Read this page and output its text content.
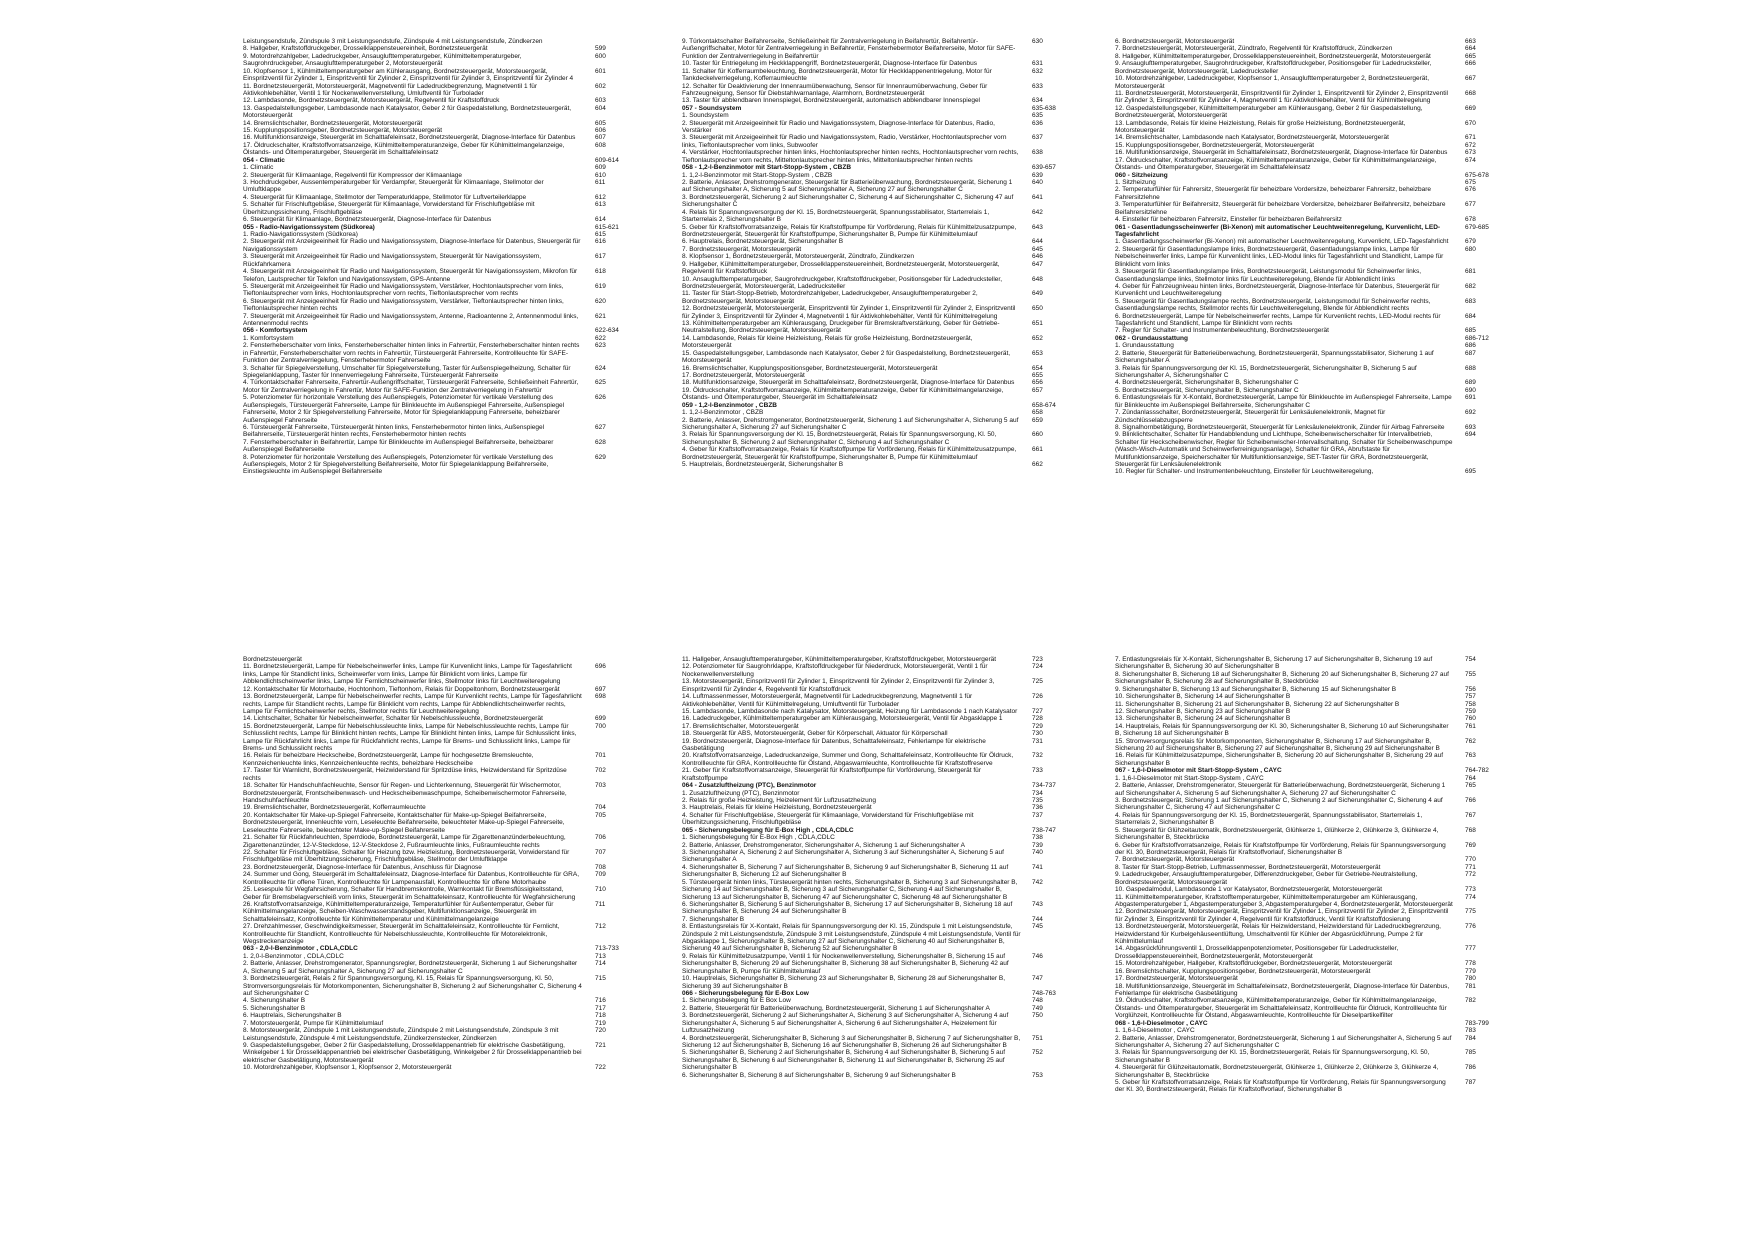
Leistungsendstufe, Zündspule 3 mit Leistungsendstufe, Zündspule 4 mit Leistungsendstufe, Zündkerzen
8. Hallgeber, Kraftstoffdruckgeber, Drosselklappensteuereinheit, Bordnetzsteuergerät	599
9. Motordrehzahlgeber, Ladedruckgeber, Ansauglufttemperaturgeber, Kühlmitteltemperaturgeber, Saugrohrdruckgeber, Ansauglufttemperaturgeber 2, Motorsteuergerät
600
10. Klopfsensor 1, Kühlmitteltemperaturgeber am Kühlerausgang, Bordnetzsteuergerät, Motorsteuergerät, Einspritzventil für Zylinder 1, Einspritzventil für Zylinder 2, Einspritzventil für Zylinder 3, Einspritzventil für Zylinder 4
601
11. Bordnetzsteuergerät, Motorsteuergerät, Magnetventil für Ladedruckbegrenzung, Magnetventil 1 für Aktivkohlebehälter, Ventil 1 für Nockenwellenverstellung, Umluftventil für Turbolader
602
12. Lambdasonde, Bordnetzsteuergerät, Motorsteuergerät, Regelventil für Kraftstoffdruck	603
13. Gaspedalstellungsgeber, Lambdasonde nach Katalysator, Geber 2 für Gaspedalstellung, Bordnetzsteuergerät, Motorsteuergerät
604
14. Bremslichtschalter, Bordnetzsteuergerät, Motorsteuergerät	605
15. Kupplungspositionsgeber, Bordnetzsteuergerät, Motorsteuergerät	606
16. Multifunktionsanzeige, Steuergerät im Schalttafeleinsatz, Bordnetzsteuergerät, Diagnose-Interface für Datenbus	607
17. Öldruckschalter, Kraftstoffvorratsanzeige, Kühlmitteltemperaturanzeige, Geber für Kühlmittelmangelanzeige, Ölstands- und Öltemperaturgeber, Steuergerät im Schalttafeleinsatz
608
054 - Climatic	609-614
1. Climatic	609
2. Steuergerät für Klimaanlage, Regelventil für Kompressor der Klimaanlage	610
3. Hochdruckgeber, Aussentemperaturgeber für Verdampfer, Steuergerät für Klimaanlage, Stellmotor der Umluftklappe
611
4. Steuergerät für Klimaanlage, Stellmotor der Temperaturklappe, Stellmotor für Luftverteilerklappe	612
5. Schalter für Frischluftgebläse, Steuergerät für Klimaanlage, Vorwiderstand für Frischluftgebläse mit Überhitzungssicherung, Frischluftgebläse
613
6. Steuergerät für Klimaanlage, Bordnetzsteuergerät, Diagnose-Interface für Datenbus	614
055 - Radio-Navigationssystem (Südkorea)	615-621
1. Radio-Navigationssystem (Südkorea)	615
2. Steuergerät mit Anzeigeeinheit für Radio und Navigationssystem, Diagnose-Interface für Datenbus, Steuergerät für Navigationssystem
616
3. Steuergerät mit Anzeigeeinheit für Radio und Navigationssystem, Steuergerät für Navigationssystem, Rückfahrkamera
617
4. Steuergerät mit Anzeigeeinheit für Radio und Navigationssystem, Steuergerät für Navigationssystem, Mikrofon für Telefon, Lautsprecher für Telefon und Navigationssystem, GPS-Antenne
618
5. Steuergerät mit Anzeigeeinheit für Radio und Navigationssystem, Verstärker, Hochtonlautsprecher vorn links, Tieftonlautsprecher vorn links, Hochtonlautsprecher vorn rechts, Tieftonlautsprecher vorn rechts
619
6. Steuergerät mit Anzeigeeinheit für Radio und Navigationssystem, Verstärker, Tieftonlautsprecher hinten links, Tieftonlautsprecher hinten rechts
620
7. Steuergerät mit Anzeigeeinheit für Radio und Navigationssystem, Antenne, Radioantenne 2, Antennenmodul links, Antennenmodul rechts
621
056 - Komfortsystem	622-634
1. Komfortsystem	622
2. Fensterheberschalter vorn links, Fensterheberschalter hinten links in Fahrertür, Fensterheberschalter hinten rechts in Fahrertür, Fensterheberschalter vorn rechts in Fahrertür, Türsteuergerät Fahrerseite, Kontrollleuchte für SAFE-Funktion der Zentralverriegelung, Fensterhebermotor Fahrerseite
623
3. Schalter für Spiegelverstellung, Umschalter für Spiegelverstellung, Taster für Außenspiegelheizung, Schalter für Spiegelanklappung, Taster für Innenverriegelung Fahrerseite, Türsteuergerät Fahrerseite
624
4. Türkontaktschalter Fahrerseite, Fahrertür-Außengriffschalter, Türsteuergerät Fahrerseite, Schließeinheit Fahrertür, Motor für Zentralverriegelung in Fahrertür, Motor für SAFE-Funktion der Zentralverriegelung in Fahrertür
625
5. Potenziometer für horizontale Verstellung des Außenspiegels, Potenziometer für vertikale Verstellung des Außenspiegels, Türsteuergerät Fahrerseite, Lampe für Blinkleuchte im Außenspiegel Fahrerseite, Außenspiegel Fahrerseite, Motor 2 für Spiegelverstellung Fahrerseite, Motor für Spiegelanklappung Fahrerseite, beheizbarer Außenspiegel Fahrerseite
626
6. Türsteuergerät Fahrerseite, Türsteuergerät hinten links, Fensterhebermotor hinten links, Außenspiegel Beifahrerseite, Türsteuergerät hinten rechts, Fensterhebermotor hinten rechts
627
7. Fensterheberschalter in Beifahrertür, Lampe für Blinkleuchte im Außenspiegel Beifahrerseite, beheizbarer Außenspiegel Beifahrerseite
628
8. Potenziometer für horizontale Verstellung des Außenspiegels, Potenziometer für vertikale Verstellung des Außenspiegels, Motor 2 für Spiegelverstellung Beifahrerseite, Motor für Spiegelanklappung Beifahrerseite, Einstiegsleuchte im Außenspiegel Beifahrerseite
629
9. Türkontaktschalter Beifahrerseite, Schließeinheit für Zentralverriegelung in Beifahrertür, Beifahrertür-Außengriffschalter, Motor für Zentralverriegelung in Beifahrertür, Fensterhebermotor Beifahrerseite, Motor für SAFE-Funktion der Zentralverriegelung in Beifahrertür
630
10. Taster für Entriegelung im Heckklappengriff, Bordnetzsteuergerät, Diagnose-Interface für Datenbus	631
11. Schalter für Kofferraumbeleuchtung, Bordnetzsteuergerät, Motor für Heckklappenentriegelung, Motor für Tankdeckelverriegelung, Kofferraumleuchte
632
12. Schalter für Deaktivierung der Innenraumüberwachung, Sensor für Innenraumüberwachung, Geber für Fahrzeugneigung, Sensor für Diebstahlwarnanlage, Alarmhorn, Bordnetzsteuergerät
633
13. Taster für abblendbaren Innenspiegel, Bordnetzsteuergerät, automatisch abblendbarer Innenspiegel	634
057 - Soundsystem	635-638
1. Soundsystem	635
2. Steuergerät mit Anzeigeeinheit für Radio und Navigationssystem, Diagnose-Interface für Datenbus, Radio, Verstärker
636
3. Steuergerät mit Anzeigeeinheit für Radio und Navigationssystem, Radio, Verstärker, Hochtonlautsprecher vorn links, Tieftonlautsprecher vorn links, Subwoofer
637
4. Verstärker, Hochtonlautsprecher hinten links, Hochtonlautsprecher hinten rechts, Hochtonlautsprecher vorn rechts, Tieftonlautsprecher vorn rechts, Mitteltonlautsprecher hinten links, Mitteltonlautsprecher hinten rechts
638
058 - 1,2-l-Benzinmotor mit Start-Stopp-System , CBZB	639-657
1. 1,2-l-Benzinmotor mit Start-Stopp-System , CBZB	639
2. Batterie, Anlasser, Drehstromgenerator, Steuergerät für Batterieüberwachung, Bordnetzsteuergerät, Sicherung 1 auf Sicherungshalter A, Sicherung 5 auf Sicherungshalter A, Sicherung 27 auf Sicherungshalter C
640
3. Bordnetzsteuergerät, Sicherung 2 auf Sicherungshalter C, Sicherung 4 auf Sicherungshalter C, Sicherung 47 auf Sicherungshalter C
641
4. Relais für Spannungsversorgung der Kl. 15, Bordnetzsteuergerät, Spannungsstabilisator, Starterrelais 1, Starterrelais 2, Sicherungshalter B
642
5. Geber für Kraftstoffvorratsanzeige, Relais für Kraftstoffpumpe für Vorförderung, Relais für Kühlmittelzusatzpumpe, Bordnetzsteuergerät, Steuergerät für Kraftstoffpumpe, Sicherungshalter B, Pumpe für Kühlmittelumlauf
643
6. Hauptrelais, Bordnetzsteuergerät, Sicherungshalter B	644
7. Bordnetzsteuergerät, Motorsteuergerät	645
8. Klopfsensor 1, Bordnetzsteuergerät, Motorsteuergerät, Zündtrafo, Zündkerzen	646
9. Hallgeber, Kühlmitteltemperaturgeber, Drosselklappensteuereinheit, Bordnetzsteuergerät, Motorsteuergerät, Regelventil für Kraftstoffdruck
647
10. Ansauglufttemperaturgeber, Saugrohrdruckgeber, Kraftstoffdruckgeber, Positionsgeber für Ladedrucksteller, Bordnetzsteuergerät, Motorsteuergerät, Ladedrucksteller
648
11. Taster für Start-Stopp-Betrieb, Motordrehzahlgeber, Ladedruckgeber, Ansauglufttemperaturgeber 2, Bordnetzsteuergerät, Motorsteuergerät
649
12. Bordnetzsteuergerät, Motorsteuergerät, Einspritzventil für Zylinder 1, Einspritzventil für Zylinder 2, Einspritzventil für Zylinder 3, Einspritzventil für Zylinder 4, Magnetventil 1 für Aktivkohlebehälter, Ventil für Kühlmittelregelung
650
13. Kühlmitteltemperaturgeber am Kühlerausgang, Druckgeber für Bremskraftverstärkung, Geber für Getriebe-Neutralstellung, Bordnetzsteuergerät, Motorsteuergerät
651
14. Lambdasonde, Relais für kleine Heizleistung, Relais für große Heizleistung, Bordnetzsteuergerät, Motorsteuergerät
652
15. Gaspedalstellungsgeber, Lambdasonde nach Katalysator, Geber 2 für Gaspedalstellung, Bordnetzsteuergerät, Motorsteuergerät
653
16. Bremslichtschalter, Kupplungspositionsgeber, Bordnetzsteuergerät, Motorsteuergerät	654
17. Bordnetzsteuergerät, Motorsteuergerät	655
18. Multifunktionsanzeige, Steuergerät im Schalttafeleinsatz, Bordnetzsteuergerät, Diagnose-Interface für Datenbus	656
19. Öldruckschalter, Kraftstoffvorratsanzeige, Kühlmitteltemperaturanzeige, Geber für Kühlmittelmangelanzeige, Ölstands- und Öltemperaturgeber, Steuergerät im Schalttafeleinsatz
657
059 - 1,2-l-Benzinmotor , CBZB	658-674
1. 1,2-l-Benzinmotor , CBZB	658
2. Batterie, Anlasser, Drehstromgenerator, Bordnetzsteuergerät, Sicherung 1 auf Sicherungshalter A, Sicherung 5 auf Sicherungshalter A, Sicherung 27 auf Sicherungshalter C
659
3. Relais für Spannungsversorgung der Kl. 15, Bordnetzsteuergerät, Relais für Spannungsversorgung, Kl. 50, Sicherungshalter B, Sicherung 2 auf Sicherungshalter C, Sicherung 4 auf Sicherungshalter C
660
4. Geber für Kraftstoffvorratsanzeige, Relais für Kraftstoffpumpe für Vorförderung, Relais für Kühlmittelzusatzpumpe, Bordnetzsteuergerät, Steuergerät für Kraftstoffpumpe, Sicherungshalter B, Pumpe für Kühlmittelumlauf
661
5. Hauptrelais, Bordnetzsteuergerät, Sicherungshalter B	662
6. Bordnetzsteuergerät, Motorsteuergerät	663
7. Bordnetzsteuergerät, Motorsteuergerät, Zündtrafo, Regelventil für Kraftstoffdruck, Zündkerzen	664
8. Hallgeber, Kühlmitteltemperaturgeber, Drosselklappensteuereinheit, Bordnetzsteuergerät, Motorsteuergerät	665
9. Ansauglufttemperaturgeber, Saugrohrdruckgeber, Kraftstoffdruckgeber, Positionsgeber für Ladedrucksteller, Bordnetzsteuergerät, Motorsteuergerät, Ladedrucksteller
666
10. Motordrehzahlgeber, Ladedruckgeber, Klopfsensor 1, Ansauglufttemperaturgeber 2, Bordnetzsteuergerät, Motorsteuergerät
667
11. Bordnetzsteuergerät, Motorsteuergerät, Einspritzventil für Zylinder 1, Einspritzventil für Zylinder 2, Einspritzventil für Zylinder 3, Einspritzventil für Zylinder 4, Magnetventil 1 für Aktivkohlebehälter, Ventil für Kühlmittelregelung
668
12. Gaspedalstellungsgeber, Kühlmitteltemperaturgeber am Kühlerausgang, Geber 2 für Gaspedalstellung, Bordnetzsteuergerät, Motorsteuergerät
669
13. Lambdasonde, Relais für kleine Heizleistung, Relais für große Heizleistung, Bordnetzsteuergerät, Motorsteuergerät
670
14. Bremslichtschalter, Lambdasonde nach Katalysator, Bordnetzsteuergerät, Motorsteuergerät	671
15. Kupplungspositionsgeber, Bordnetzsteuergerät, Motorsteuergerät	672
16. Multifunktionsanzeige, Steuergerät im Schalttafeleinsatz, Bordnetzsteuergerät, Diagnose-Interface für Datenbus	673
17. Öldruckschalter, Kraftstoffvorratsanzeige, Kühlmitteltemperaturanzeige, Geber für Kühlmittelmangelanzeige, Ölstands- und Öltemperaturgeber, Steuergerät im Schalttafeleinsatz
674
060 - Sitzheizung	675-678
1. Sitzheizung	675
2. Temperaturfühler für Fahrersitz, Steuergerät für beheizbare Vordersitze, beheizbarer Fahrersitz, beheizbare Fahrersitzlehne
676
3. Temperaturfühler für Beifahrersitz, Steuergerät für beheizbare Vordersitze, beheizbarer Beifahrersitz, beheizbare Beifahrersitzlehne
677
4. Einsteller für beheizbaren Fahrersitz, Einsteller für beheizbaren Beifahrersitz	678
061 - Gasentladungsscheinwerfer (Bi-Xenon) mit automatischer Leuchtweitenregelung, Kurvenlicht, LED-Tagesfahrlicht
679-685
1. Gasentladungsscheinwerfer (Bi-Xenon) mit automatischer Leuchtweitenregelung, Kurvenlicht, LED-Tagesfahrlicht	679
2. Steuergerät für Gasentladungslampe links, Bordnetzsteuergerät, Gasentladungslampe links, Lampe für Nebelscheinwerfer links, Lampe für Kurvenlicht links, LED-Modul links für Tagesfahrlicht und Standlicht, Lampe für Blinklicht vorn links
680
3. Steuergerät für Gasentladungslampe links, Bordnetzsteuergerät, Leistungsmodul für Scheinwerfer links, Gasentladungslampe links, Stellmotor links für Leuchtweiteregelung, Blende für Abblendlicht links
681
4. Geber für Fahrzeugniveau hinten links, Bordnetzsteuergerät, Diagnose-Interface für Datenbus, Steuergerät für Kurvenlicht und Leuchtweiteregelung
682
5. Steuergerät für Gasentladungslampe rechts, Bordnetzsteuergerät, Leistungsmodul für Scheinwerfer rechts, Gasentladungslampe rechts, Stellmotor rechts für Leuchtweiteregelung, Blende für Abblendlicht rechts
683
6. Bordnetzsteuergerät, Lampe für Nebelscheinwerfer rechts, Lampe für Kurvenlicht rechts, LED-Modul rechts für Tagesfahrlicht und Standlicht, Lampe für Blinklicht vorn rechts
684
7. Regler für Schalter- und Instrumentenbeleuchtung, Bordnetzsteuergerät	685
062 - Grundausstattung	686-712
1. Grundausstattung	686
2. Batterie, Steuergerät für Batterieüberwachung, Bordnetzsteuergerät, Spannungsstabilisator, Sicherung 1 auf Sicherungshalter A
687
3. Relais für Spannungsversorgung der Kl. 15, Bordnetzsteuergerät, Sicherungshalter B, Sicherung 5 auf Sicherungshalter A, Sicherungshalter C
688
4. Bordnetzsteuergerät, Sicherungshalter B, Sicherungshalter C	689
5. Bordnetzsteuergerät, Sicherungshalter B, Sicherungshalter C	690
6. Entlastungsrelais für X-Kontakt, Bordnetzsteuergerät, Lampe für Blinkleuchte im Außenspiegel Fahrerseite, Lampe für Blinkleuchte im Außenspiegel Beifahrerseite, Sicherungshalter C
691
7. Zündanlassschalter, Bordnetzsteuergerät, Steuergerät für Lenksäulenelektronik, Magnet für Zündschlüsselabzugsperre
692
8. Signalhornbetätigung, Bordnetzsteuergerät, Steuergerät für Lenksäulenelektronik, Zünder für Airbag Fahrerseite	693
9. Blinklichtschalter, Schalter für Handabblendung und Lichthupe, Scheibenwischerschalter für Intervallbetrieb, Schalter für Heckscheibenwischer, Regler für Scheibenwischer-Intervallschaltung, Schalter für Scheibenwaschpumpe (Wasch-Wisch-Automatik und Scheinwerferreinigungsanlage), Schalter für GRA, Abrufstaste für Multifunktionsanzeige, Speicherschalter für Multifunktionsanzeige, SET-Taster für GRA, Bordnetzsteuergerät, Steuergerät für Lenksäulenelektronik
694
10. Regler für Schalter- und Instrumentenbeleuchtung, Einsteller für Leuchtweiteregelung,	695
Bordnetzsteuergerät
11. Bordnetzsteuergerät, Lampe für Nebelscheinwerfer links, Lampe für Kurvenlicht links, Lampe für Tagesfahrlicht links, Lampe für Standlicht links, Scheinwerfer vorn links, Lampe für Blinklicht vorn links, Lampe für Abblendlichtscheinwerfer links, Lampe für Fernlichtscheinwerfer links, Stellmotor links für Leuchtweiteregelung
696
12. Kontaktschalter für Motorhaube, Hochtonhorn, Tieftonhorn, Relais für Doppeltonhorn, Bordnetzsteuergerät	697
13. Bordnetzsteuergerät, Lampe für Nebelscheinwerfer rechts, Lampe für Kurvenlicht rechts, Lampe für Tagesfahrlicht rechts, Lampe für Standlicht rechts, Lampe für Blinklicht vorn rechts, Lampe für Abblendlichtscheinwerfer rechts, Lampe für Fernlichtscheinwerfer rechts, Stellmotor rechts für Leuchtweiteregelung
698
14. Lichtschalter, Schalter für Nebelscheinwerfer, Schalter für Nebelschlussleuchte, Bordnetzsteuergerät	699
15. Bordnetzsteuergerät, Lampe für Nebelschlussleuchte links, Lampe für Nebelschlussleuchte rechts, Lampe für Schlusslicht rechts, Lampe für Blinklicht hinten rechts, Lampe für Blinklicht hinten links, Lampe für Schlusslicht links, Lampe für Rückfahrlicht links, Lampe für Rückfahrlicht rechts, Lampe für Brems- und Schlusslicht links, Lampe für Brems- und Schlusslicht rechts
700
16. Relais für beheizbare Heckscheibe, Bordnetzsteuergerät, Lampe für hochgesetzte Bremsleuchte, Kennzeichenleuchte links, Kennzeichenleuchte rechts, beheizbare Heckscheibe
701
17. Taster für Warnlicht, Bordnetzsteuergerät, Heizwiderstand für Spritzdüse links, Heizwiderstand für Spritzdüse rechts
702
18. Schalter für Handschuhfachleuchte, Sensor für Regen- und Lichterkennung, Steuergerät für Wischermotor, Bordnetzsteuergerät, Frontscheibenwasch- und Heckscheibenwaschpumpe, Scheibenwischermotor Fahrerseite, Handschuhfachleuchte
703
19. Bremslichtschalter, Bordnetzsteuergerät, Kofferraumleuchte	704
20. Kontaktschalter für Make-up-Spiegel Fahrerseite, Kontaktschalter für Make-up-Spiegel Beifahrerseite, Bordnetzsteuergerät, Innenleuchte vorn, Leseleuchte Beifahrerseite, beleuchteter Make-up-Spiegel Fahrerseite, Leseleuchte Fahrerseite, beleuchteter Make-up-Spiegel Beifahrerseite
705
21. Schalter für Rückfahrleuchten, Sperrdiode, Bordnetzsteuergerät, Lampe für Zigarettenanzünderbeleuchtung, Zigarettenanzünder, 12-V-Steckdose, 12-V-Steckdose 2, Fußraumleuchte links, Fußraumleuchte rechts
706
22. Schalter für Frischluftgebläse, Schalter für Heizung bzw. Heizleistung, Bordnetzsteuergerät, Vorwiderstand für Frischluftgebläse mit Überhitzungssicherung, Frischluftgebläse, Stellmotor der Umluftklappe
707
23. Bordnetzsteuergerät, Diagnose-Interface für Datenbus, Anschluss für Diagnose	708
24. Summer und Gong, Steuergerät im Schalttafeleinsatz, Diagnose-Interface für Datenbus, Kontrollleuchte für GRA, Kontrollleuchte für offene Türen, Kontrollleuchte für Lampenausfall, Kontrollleuchte für offene Motorhaube
709
25. Lesespule für Wegfahrsicherung, Schalter für Handbremskontrolle, Warnkontakt für Bremsflüssigkeitsstand, Geber für Bremsbelagverschleiß vorn links, Steuergerät im Schalttafeleinsatz, Kontrollleuchte für Wegfahrsicherung
710
26. Kraftstoffvorratsanzeige, Kühlmitteltemperaturanzeige, Temperaturfühler für Außentemperatur, Geber für Kühlmittelmangelanzeige, Scheiben-Waschwasserstandsgeber, Multifunktionsanzeige, Steuergerät im Schalttafeleinsatz, Kontrollleuchte für Kühlmitteltemperatur und Kühlmittelmangelanzeige
711
27. Drehzahlmesser, Geschwindigkeitsmesser, Steuergerät im Schalttafeleinsatz, Kontrollleuchte für Fernlicht, Kontrollleuchte für Standlicht, Kontrollleuchte für Nebelschlussleuchte, Kontrollleuchte für Motorelektronik, Wegstreckenanzeige
712
063 - 2,0-l-Benzinmotor , CDLA,CDLC	713-733
1. 2,0-l-Benzinmotor , CDLA,CDLC	713
2. Batterie, Anlasser, Drehstromgenerator, Spannungsregler, Bordnetzsteuergerät, Sicherung 1 auf Sicherungshalter A, Sicherung 5 auf Sicherungshalter A, Sicherung 27 auf Sicherungshalter C
714
3. Bordnetzsteuergerät, Relais 2 für Spannungsversorgung, Kl. 15, Relais für Spannungsversorgung, Kl. 50, Stromversorgungsrelais für Motorkomponenten, Sicherungshalter B, Sicherung 2 auf Sicherungshalter C, Sicherung 4 auf Sicherungshalter C
715
4. Sicherungshalter B	716
5. Sicherungshalter B	717
6. Hauptrelais, Sicherungshalter B	718
7. Motorsteuergerät, Pumpe für Kühlmittelumlauf	719
8. Motorsteuergerät, Zündspule 1 mit Leistungsendstufe, Zündspule 2 mit Leistungsendstufe, Zündspule 3 mit Leistungsendstufe, Zündspule 4 mit Leistungsendstufe, Zündkerzenstecker, Zündkerzen
720
9. Gaspedalstellungsgeber, Geber 2 für Gaspedalstellung, Drosselklappenantrieb für elektrische Gasbetätigung, Winkelgeber 1 für Drosselklappenantrieb bei elektrischer Gasbetätigung, Winkelgeber 2 für Drosselklappenantrieb bei elektrischer Gasbetätigung, Motorsteuergerät
721
10. Motordrehzahlgeber, Klopfsensor 1, Klopfsensor 2, Motorsteuergerät	722
11. Hallgeber, Ansauglufttemperaturgeber, Kühlmitteltemperaturgeber, Kraftstoffdruckgeber, Motorsteuergerät	723
12. Potenziometer für Saugrohrklappe, Kraftstoffdruckgeber für Niederdruck, Motorsteuergerät, Ventil 1 für Nockenwellenverstellung
724
13. Motorsteuergerät, Einspritzventil für Zylinder 1, Einspritzventil für Zylinder 2, Einspritzventil für Zylinder 3, Einspritzventil für Zylinder 4, Regelventil für Kraftstoffdruck
725
14. Luftmassenmesser, Motorsteuergerät, Magnetventil für Ladedruckbegrenzung, Magnetventil 1 für Aktivkohlebehälter, Ventil für Kühlmittelregelung, Umluftventil für Turbolader
726
15. Lambdasonde, Lambdasonde nach Katalysator, Motorsteuergerät, Heizung für Lambdasonde 1 nach Katalysator 727
16. Ladedruckgeber, Kühlmitteltemperaturgeber am Kühlerausgang, Motorsteuergerät, Ventil für Abgasklappe 1	728
17. Bremslichtschalter, Motorsteuergerät	729
18. Steuergerät für ABS, Motorsteuergerät, Geber für Körperschall, Aktuator für Körperschall	730
19. Bordnetzsteuergerät, Diagnose-Interface für Datenbus, Schalttafeleinsatz, Fehlerlampe für elektrische Gasbetätigung
731
20. Kraftstoffvorratsanzeige, Ladedruckanzeige, Summer und Gong, Schalttafeleinsatz, Kontrollleuchte für Öldruck, Kontrollleuchte für GRA, Kontrollleuchte für Ölstand, Abgaswarnleuchte, Kontrollleuchte für Kraftstoffreserve
732
21. Geber für Kraftstoffvorratsanzeige, Steuergerät für Kraftstoffpumpe für Vorförderung, Steuergerät für Kraftstoffpumpe
733
064 - Zusatzluftheizung (PTC), Benzinmotor	734-737
1. Zusatzluftheizung (PTC), Benzinmotor	734
2. Relais für große Heizleistung, Heizelement für Luftzusatzheizung	735
3. Hauptrelais, Relais für kleine Heizleistung, Bordnetzsteuergerät	736
4. Schalter für Frischluftgebläse, Steuergerät für Klimaanlage, Vorwiderstand für Frischluftgebläse mit Überhitzungssicherung, Frischluftgebläse
737
065 - Sicherungsbelegung für E-Box High , CDLA,CDLC	738-747
1. Sicherungsbelegung für E-Box High , CDLA,CDLC	738
2. Batterie, Anlasser, Drehstromgenerator, Sicherungshalter A, Sicherung 1 auf Sicherungshalter A	739
3. Sicherungshalter A, Sicherung 2 auf Sicherungshalter A, Sicherung 3 auf Sicherungshalter A, Sicherung 5 auf Sicherungshalter A
740
4. Sicherungshalter B, Sicherung 7 auf Sicherungshalter B, Sicherung 9 auf Sicherungshalter B, Sicherung 11 auf Sicherungshalter B, Sicherung 12 auf Sicherungshalter B
741
5. Türsteuergerät hinten links, Türsteuergerät hinten rechts, Sicherungshalter B, Sicherung 3 auf Sicherungshalter B, Sicherung 14 auf Sicherungshalter B, Sicherung 3 auf Sicherungshalter C, Sicherung 4 auf Sicherungshalter B, Sicherung 13 auf Sicherungshalter B, Sicherung 47 auf Sicherungshalter C, Sicherung 48 auf Sicherungshalter B
742
6. Sicherungshalter B, Sicherung 5 auf Sicherungshalter B, Sicherung 17 auf Sicherungshalter B, Sicherung 18 auf Sicherungshalter B, Sicherung 24 auf Sicherungshalter B
743
7. Sicherungshalter B	744
8. Entlastungsrelais für X-Kontakt, Relais für Spannungsversorgung der Kl. 15, Zündspule 1 mit Leistungsendstufe, Zündspule 2 mit Leistungsendstufe, Zündspule 3 mit Leistungsendstufe, Zündspule 4 mit Leistungsendstufe, Ventil für Abgasklappe 1, Sicherungshalter B, Sicherung 27 auf Sicherungshalter C, Sicherung 40 auf Sicherungshalter B, Sicherung 49 auf Sicherungshalter B, Sicherung 52 auf Sicherungshalter B
745
9. Relais für Kühlmittelzusatzpumpe, Ventil 1 für Nockenwellenverstellung, Sicherungshalter B, Sicherung 15 auf Sicherungshalter B, Sicherung 29 auf Sicherungshalter B, Sicherung 38 auf Sicherungshalter B, Sicherung 42 auf Sicherungshalter B, Pumpe für Kühlmittelumlauf
746
10. Hauptrelais, Sicherungshalter B, Sicherung 23 auf Sicherungshalter B, Sicherung 28 auf Sicherungshalter B, Sicherung 39 auf Sicherungshalter B
747
066 - Sicherungsbelegung für E-Box Low	748-763
1. Sicherungsbelegung für E Box Low	748
2. Batterie, Steuergerät für Batterieüberwachung, Bordnetzsteuergerät, Sicherung 1 auf Sicherungshalter A	749
3. Bordnetzsteuergerät, Sicherung 2 auf Sicherungshalter A, Sicherung 3 auf Sicherungshalter A, Sicherung 4 auf Sicherungshalter A, Sicherung 5 auf Sicherungshalter A, Sicherung 6 auf Sicherungshalter A, Heizelement für Luftzusatzheizung
750
4. Bordnetzsteuergerät, Sicherungshalter B, Sicherung 3 auf Sicherungshalter B, Sicherung 7 auf Sicherungshalter B, Sicherung 12 auf Sicherungshalter B, Sicherung 16 auf Sicherungshalter B, Sicherung 26 auf Sicherungshalter B
751
5. Sicherungshalter B, Sicherung 2 auf Sicherungshalter B, Sicherung 4 auf Sicherungshalter B, Sicherung 5 auf Sicherungshalter B, Sicherung 6 auf Sicherungshalter B, Sicherung 11 auf Sicherungshalter B, Sicherung 25 auf Sicherungshalter B
752
6. Sicherungshalter B, Sicherung 8 auf Sicherungshalter B, Sicherung 9 auf Sicherungshalter B	753
7. Entlastungsrelais für X-Kontakt, Sicherungshalter B, Sicherung 17 auf Sicherungshalter B, Sicherung 19 auf Sicherungshalter B, Sicherung 30 auf Sicherungshalter B
754
8. Sicherungshalter B, Sicherung 18 auf Sicherungshalter B, Sicherung 20 auf Sicherungshalter B, Sicherung 27 auf Sicherungshalter B, Sicherung 28 auf Sicherungshalter B, Steckbrücke
755
9. Sicherungshalter B, Sicherung 13 auf Sicherungshalter B, Sicherung 15 auf Sicherungshalter B	756
10. Sicherungshalter B, Sicherung 14 auf Sicherungshalter B	757
11. Sicherungshalter B, Sicherung 21 auf Sicherungshalter B, Sicherung 22 auf Sicherungshalter B	758
12. Sicherungshalter B, Sicherung 23 auf Sicherungshalter B	759
13. Sicherungshalter B, Sicherung 24 auf Sicherungshalter B	760
14. Hauptrelais, Relais für Spannungsversorgung der Kl. 30, Sicherungshalter B, Sicherung 10 auf Sicherungshalter B, Sicherung 18 auf Sicherungshalter B
761
15. Stromversorgungsrelais für Motorkomponenten, Sicherungshalter B, Sicherung 17 auf Sicherungshalter B, Sicherung 20 auf Sicherungshalter B, Sicherung 27 auf Sicherungshalter B, Sicherung 29 auf Sicherungshalter B
762
16. Relais für Kühlmittelzusatzpumpe, Sicherungshalter B, Sicherung 20 auf Sicherungshalter B, Sicherung 29 auf Sicherungshalter B
763
067 - 1,6-l-Dieselmotor mit Start-Stopp-System , CAYC	764-782
1. 1,6-l-Dieselmotor mit Start-Stopp-System , CAYC	764
2. Batterie, Anlasser, Drehstromgenerator, Steuergerät für Batterieüberwachung, Bordnetzsteuergerät, Sicherung 1 auf Sicherungshalter A, Sicherung 5 auf Sicherungshalter A, Sicherung 27 auf Sicherungshalter C
765
3. Bordnetzsteuergerät, Sicherung 1 auf Sicherungshalter C, Sicherung 2 auf Sicherungshalter C, Sicherung 4 auf Sicherungshalter C, Sicherung 47 auf Sicherungshalter C
766
4. Relais für Spannungsversorgung der Kl. 15, Bordnetzsteuergerät, Spannungsstabilisator, Starterrelais 1, Starterrelais 2, Sicherungshalter B
767
5. Steuergerät für Glühzeitautomatik, Bordnetzsteuergerät, Glühkerze 1, Glühkerze 2, Glühkerze 3, Glühkerze 4, Sicherungshalter B, Steckbrücke
768
6. Geber für Kraftstoffvorratsanzeige, Relais für Kraftstoffpumpe für Vorförderung, Relais für Spannungsversorgung der Kl. 30, Bordnetzsteuergerät, Relais für Kraftstoffvorlauf, Sicherungshalter B
769
7. Bordnetzsteuergerät, Motorsteuergerät	770
8. Taster für Start-Stopp-Betrieb, Luftmassenmesser, Bordnetzsteuergerät, Motorsteuergerät	771
9. Ladedruckgeber, Ansauglufttemperaturgeber, Differenzdruckgeber, Geber für Getriebe-Neutralstellung, Bordnetzsteuergerät, Motorsteuergerät
772
10. Gaspedalmodul, Lambdasonde 1 vor Katalysator, Bordnetzsteuergerät, Motorsteuergerät	773
11. Kühlmitteltemperaturgeber, Kraftstofftemperaturgeber, Kühlmitteltemperaturgeber am Kühlerausgang, Abgastemperaturgeber 1, Abgastemperaturgeber 3, Abgastemperaturgeber 4, Bordnetzsteuergerät, Motorsteuergerät
774
12. Bordnetzsteuergerät, Motorsteuergerät, Einspritzventil für Zylinder 1, Einspritzventil für Zylinder 2, Einspritzventil für Zylinder 3, Einspritzventil für Zylinder 4, Regelventil für Kraftstoffdruck, Ventil für Kraftstoffdosierung
775
13. Bordnetzsteuergerät, Motorsteuergerät, Relais für Heizwiderstand, Heizwiderstand für Ladedruckbegrenzung, Heizwiderstand für Kurbelgehäuseentlüftung, Umschaltventil für Kühler der Abgasrückführung, Pumpe 2 für Kühlmittelumlauf
776
14. Abgasrückführungsventil 1, Drosselklappenpotenziometer, Positionsgeber für Ladedrucksteller, Drosselklappensteuereinheit, Bordnetzsteuergerät, Motorsteuergerät
777
15. Motordrehzahlgeber, Hallgeber, Kraftstoffdruckgeber, Bordnetzsteuergerät, Motorsteuergerät	778
16. Bremslichtschalter, Kupplungspositionsgeber, Bordnetzsteuergerät, Motorsteuergerät	779
17. Bordnetzsteuergerät, Motorsteuergerät	780
18. Multifunktionsanzeige, Steuergerät im Schalttafeleinsatz, Bordnetzsteuergerät, Diagnose-Interface für Datenbus, Fehlerlampe für elektrische Gasbetätigung
781
19. Öldruckschalter, Kraftstoffvorratsanzeige, Kühlmitteltemperaturanzeige, Geber für Kühlmittelmangelanzeige, Ölstands- und Öltemperaturgeber, Steuergerät im Schalttafeleinsatz, Kontrollleuchte für Öldruck, Kontrollleuchte für Vorglühzeit, Kontrollleuchte für Ölstand, Abgaswarnleuchte, Kontrollleuchte für Dieselpartikelfilter
782
068 - 1,6-l-Dieselmotor , CAYC	783-799
1. 1,6-l-Dieselmotor , CAYC	783
2. Batterie, Anlasser, Drehstromgenerator, Bordnetzsteuergerät, Sicherung 1 auf Sicherungshalter A, Sicherung 5 auf Sicherungshalter A, Sicherung 27 auf Sicherungshalter C
784
3. Relais für Spannungsversorgung der Kl. 15, Bordnetzsteuergerät, Relais für Spannungsversorgung, Kl. 50, Sicherungshalter B
785
4. Steuergerät für Glühzeitautomatik, Bordnetzsteuergerät, Glühkerze 1, Glühkerze 2, Glühkerze 3, Glühkerze 4, Sicherungshalter B, Steckbrücke
786
5. Geber für Kraftstoffvorratsanzeige, Relais für Kraftstoffpumpe für Vorförderung, Relais für Spannungsversorgung der Kl. 30, Bordnetzsteuergerät, Relais für Kraftstoffvorlauf, Sicherungshalter B
787
